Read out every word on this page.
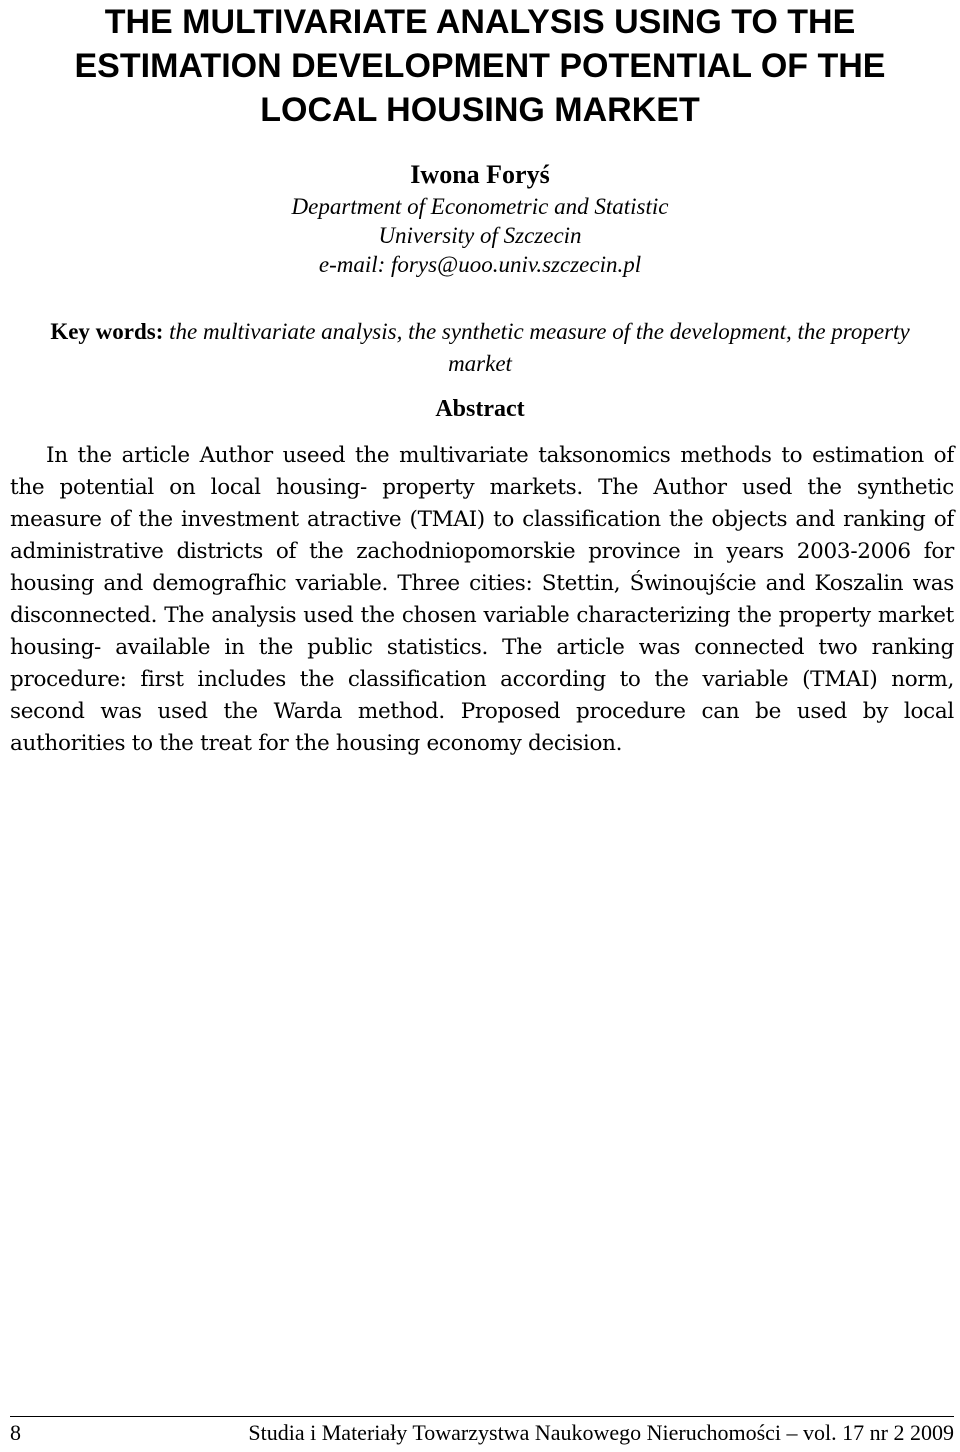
THE MULTIVARIATE ANALYSIS USING TO THE
ESTIMATION DEVELOPMENT POTENTIAL OF THE
LOCAL HOUSING MARKET
Iwona Foryś
Department of Econometric and Statistic
University of Szczecin
e-mail: forys@uoo.univ.szczecin.pl
Key words: the multivariate analysis, the synthetic measure of the development, the property market
Abstract

In the article Author useed the multivariate taksonomics methods to estimation of the potential on local housing- property markets. The Author used the synthetic measure of the investment atractive (TMAI) to classification the objects and ranking of administrative districts of the zachodniopomorskie province in years 2003-2006 for housing and demografhic variable. Three cities: Stettin, Świnoujście and Koszalin was disconnected. The analysis used the chosen variable characterizing the property market housing- available in the public statistics. The article was connected two ranking procedure: first includes the classification according to the variable (TMAI) norm, second was used the Warda method. Proposed procedure can be used by local authorities to the treat for the housing economy decision.

8	Studia i Materiały Towarzystwa Naukowego Nieruchomości – vol. 17 nr 2 2009
